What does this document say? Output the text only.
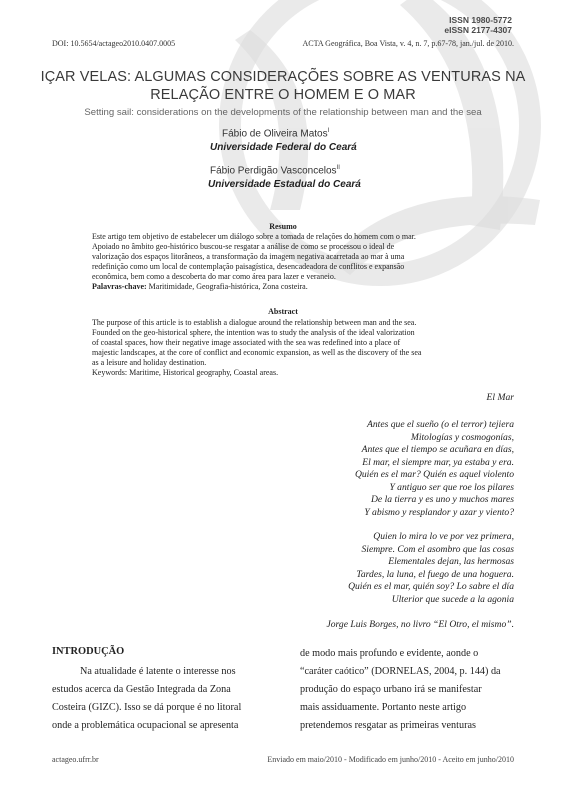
ISSN 1980-5772
eISSN 2177-4307
DOI: 10.5654/actageo2010.0407.0005	ACTA Geográfica, Boa Vista, v. 4, n. 7, p.67-78, jan./jul. de 2010.
IÇAR VELAS: ALGUMAS CONSIDERAÇÕES SOBRE AS VENTURAS NA
RELAÇÃO ENTRE O HOMEM E O MAR
Setting sail: considerations on the developments of the relationship between man and the sea
Fábio de Oliveira Matos$^I$
Universidade Federal do Ceará
Fábio Perdigão Vasconcelos$^{II}$
Universidade Estadual do Ceará
Resumo
Este artigo tem objetivo de estabelecer um diálogo sobre a tomada de relações do homem com o mar.
Apoiado no âmbito geo-histórico buscou-se resgatar a análise de como se processou o ideal de
valorização dos espaços litorâneos, a transformação da imagem negativa acarretada ao mar à uma
redefinição como um local de contemplação paisagística, desencadeadora de conflitos e expansão
econômica, bem como a descoberta do mar como área para lazer e veraneio.
Palavras-chave: Maritimidade, Geografia-histórica, Zona costeira.
Abstract
The purpose of this article is to establish a dialogue around the relationship between man and the sea.
Founded on the geo-historical sphere, the intention was to study the analysis of the ideal valorization
of coastal spaces, how their negative image associated with the sea was redefined into a place of
majestic landscapes, at the core of conflict and economic expansion, as well as the discovery of the sea
as a leisure and holiday destination.
Keywords: Maritime, Historical geography, Coastal areas.
El Mar
Antes que el sueño (o el terror) tejiera
Mitologías y cosmogonías,
Antes que el tiempo se acuñara en días,
El mar, el siempre mar, ya estaba y era.
Quién es el mar? Quién es aquel violento
Y antiguo ser que roe los pilares
De la tierra y es uno y muchos mares
Y abismo y resplandor y azar y viento?
Quien lo mira lo ve por vez primera,
Siempre. Com el asombro que las cosas
Elementales dejan, las hermosas
Tardes, la luna, el fuego de una hoguera.
Quién es el mar, quién soy? Lo sabre el día
Ulterior que sucede a la agonia
Jorge Luis Borges, no livro “El Otro, el mismo”.
INTRODUÇÃO

Na atualidade é latente o interesse nos

estudos acerca da Gestão Integrada da Zona

Costeira (GIZC). Isso se dá porque é no litoral

onde a problemática ocupacional se apresenta

de modo mais profundo e evidente, aonde o

“caráter caótico” (DORNELAS, 2004, p. 144) da

produção do espaço urbano irá se manifestar

mais assiduamente. Portanto neste artigo

pretendemos resgatar as primeiras venturas

actageo.ufrr.br	Enviado em maio/2010 - Modificado em junho/2010 - Aceito em junho/2010
